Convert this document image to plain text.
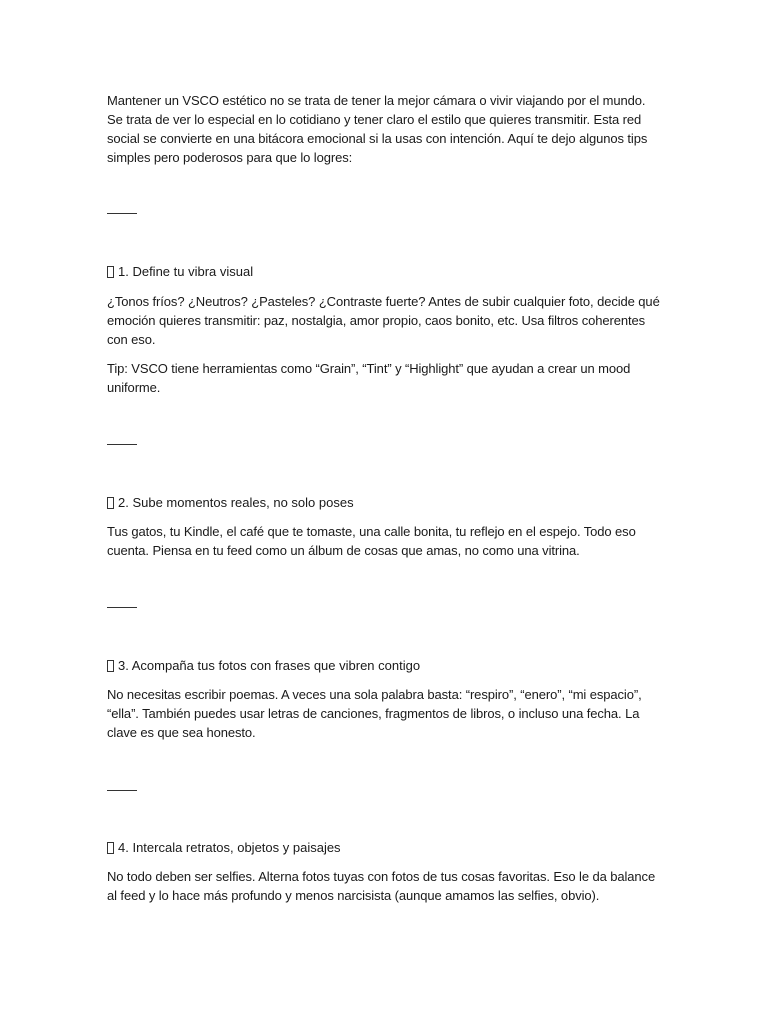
Mantener un VSCO estético no se trata de tener la mejor cámara o vivir viajando por el mundo. Se trata de ver lo especial en lo cotidiano y tener claro el estilo que quieres transmitir. Esta red social se convierte en una bitácora emocional si la usas con intención. Aquí te dejo algunos tips simples pero poderosos para que lo logres:

1. Define tu vibra visual

¿Tonos fríos? ¿Neutros? ¿Pasteles? ¿Contraste fuerte? Antes de subir cualquier foto, decide qué emoción quieres transmitir: paz, nostalgia, amor propio, caos bonito, etc. Usa filtros coherentes con eso.

Tip: VSCO tiene herramientas como “Grain”, “Tint” y “Highlight” que ayudan a crear un mood uniforme.

2. Sube momentos reales, no solo poses

Tus gatos, tu Kindle, el café que te tomaste, una calle bonita, tu reflejo en el espejo. Todo eso cuenta. Piensa en tu feed como un álbum de cosas que amas, no como una vitrina.

3. Acompaña tus fotos con frases que vibren contigo

No necesitas escribir poemas. A veces una sola palabra basta: “respiro”, “enero”, “mi espacio”, “ella”. También puedes usar letras de canciones, fragmentos de libros, o incluso una fecha. La clave es que sea honesto.

4. Intercala retratos, objetos y paisajes

No todo deben ser selfies. Alterna fotos tuyas con fotos de tus cosas favoritas. Eso le da balance al feed y lo hace más profundo y menos narcisista (aunque amamos las selfies, obvio).
